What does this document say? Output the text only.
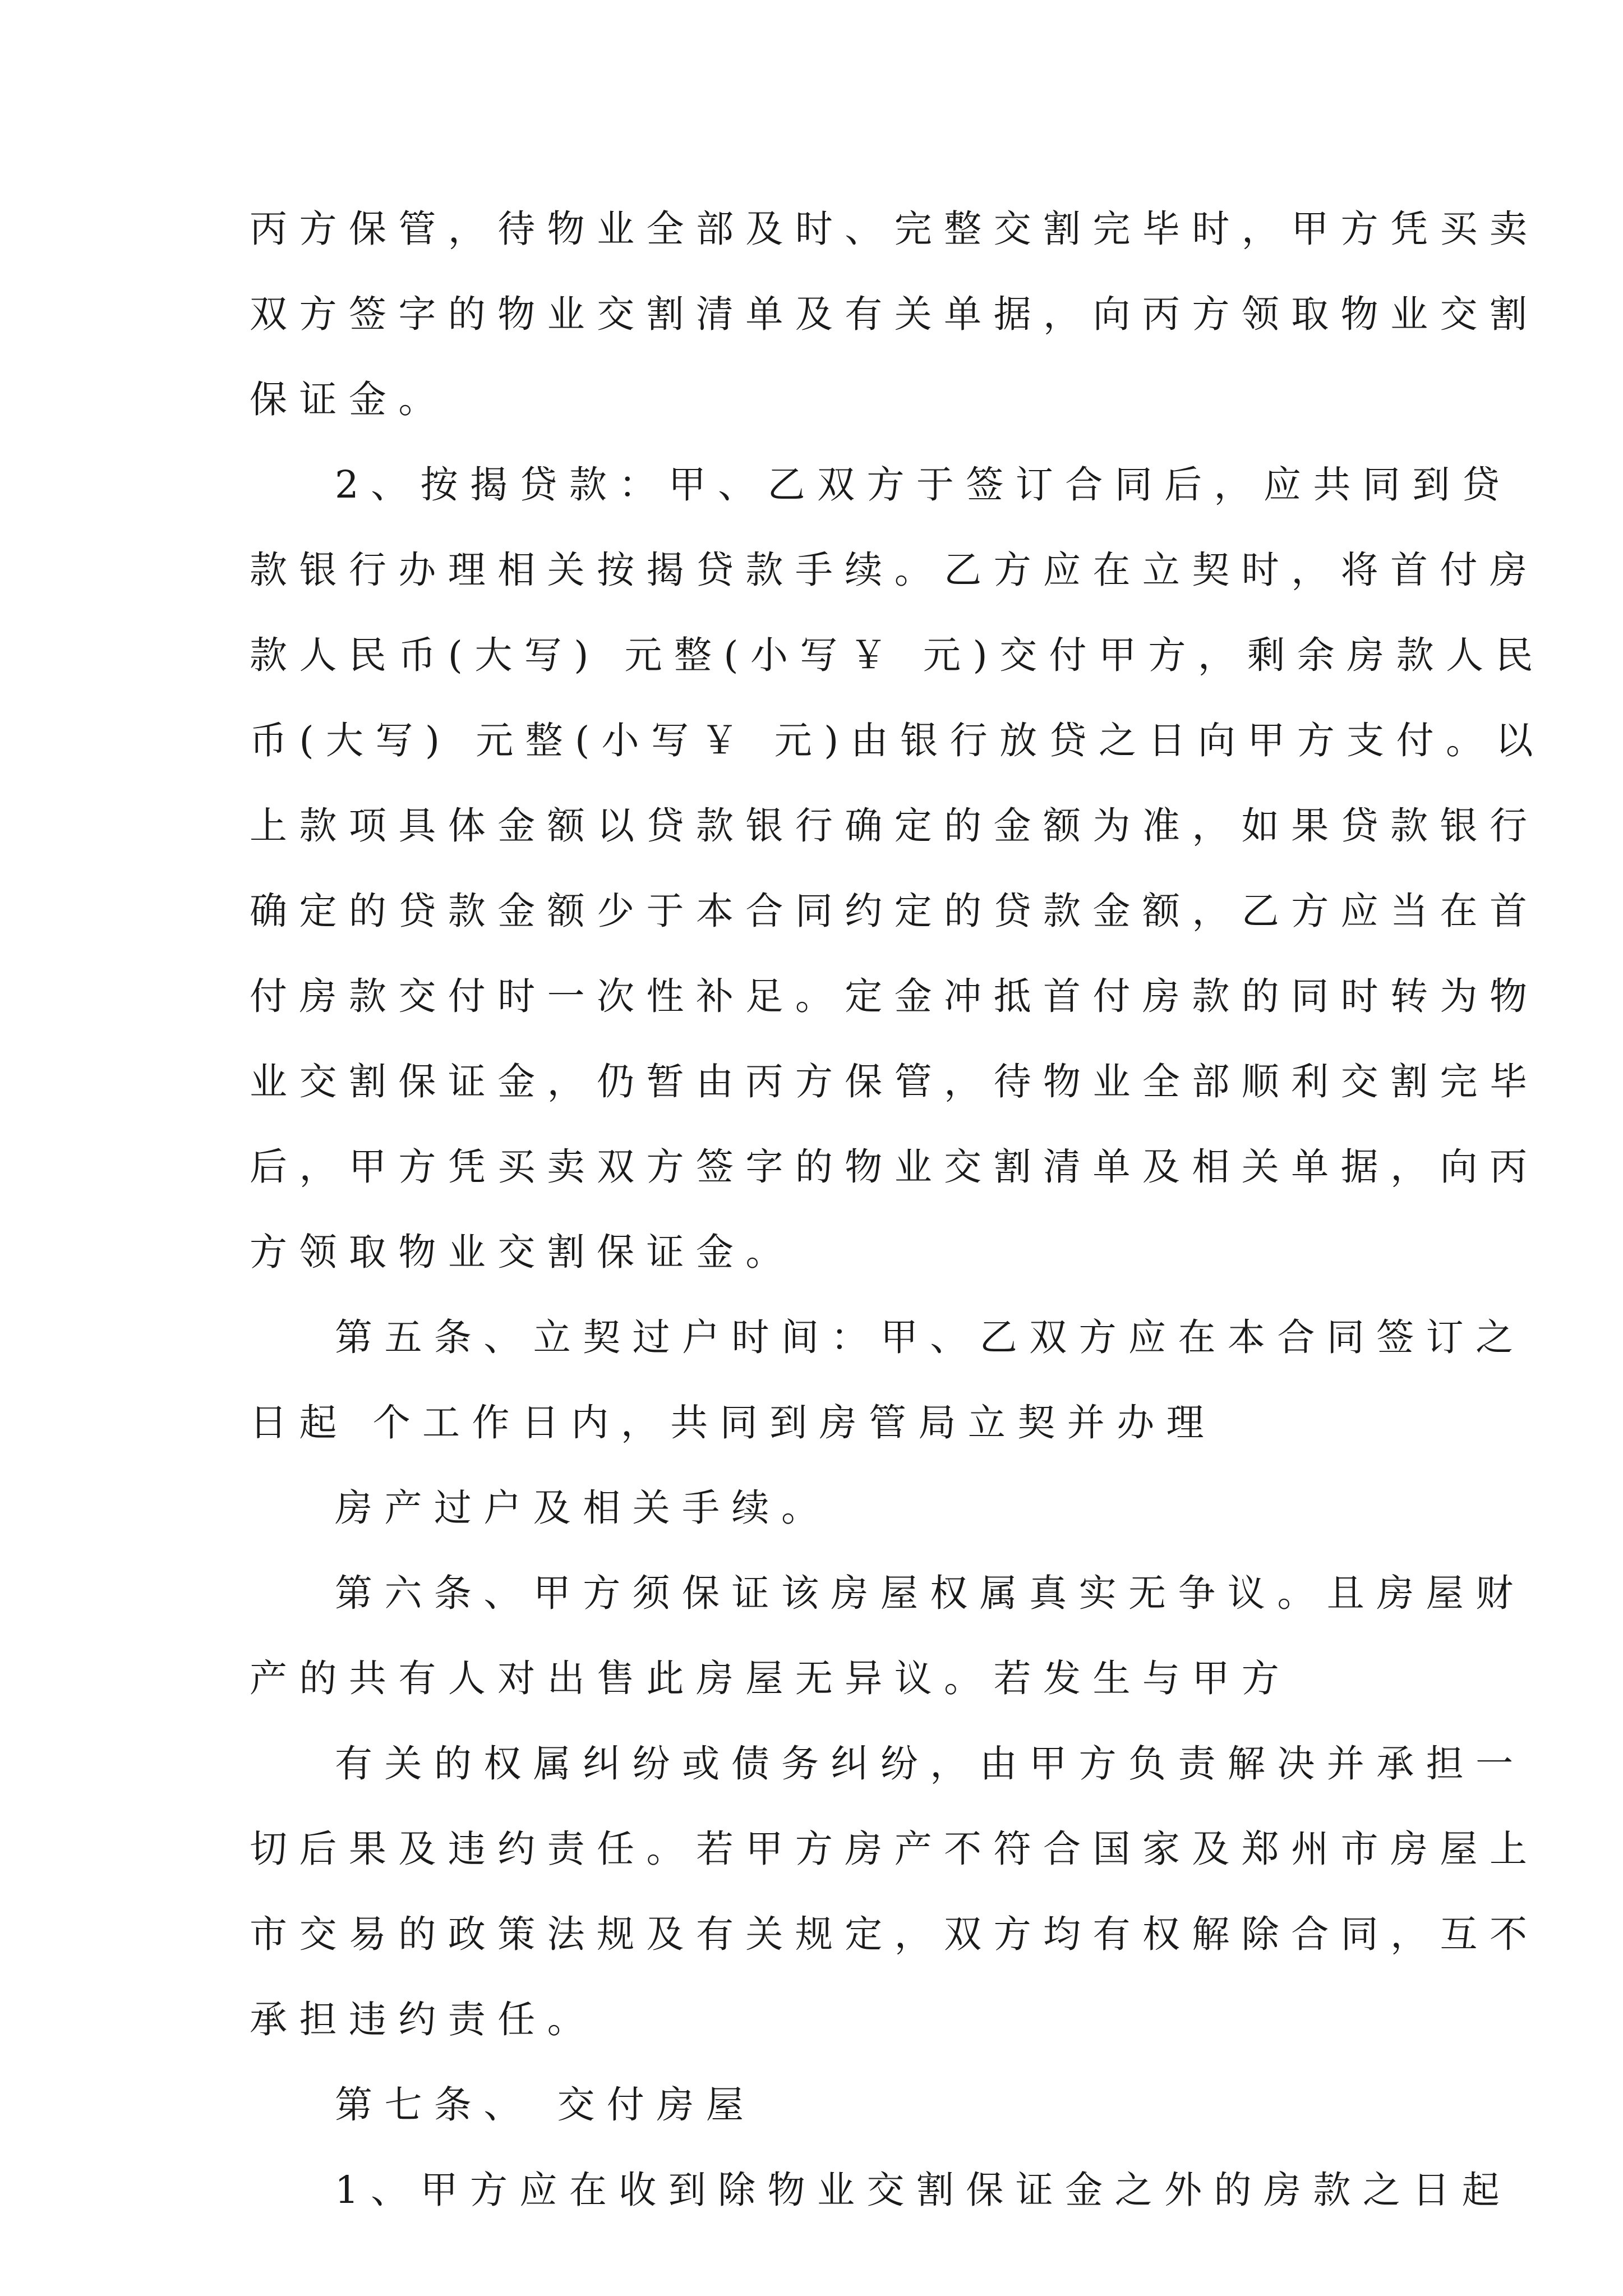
丙方保管，待物业全部及时、完整交割完毕时，甲方凭买卖
双方签字的物业交割清单及有关单据，向丙方领取物业交割
保证金。
2、按揭贷款：甲、乙双方于签订合同后，应共同到贷
款银行办理相关按揭贷款手续。乙方应在立契时，将首付房
款人民币(大写) 元整(小写￥ 元)交付甲方，剩余房款人民
币(大写) 元整(小写￥ 元)由银行放贷之日向甲方支付。以
上款项具体金额以贷款银行确定的金额为准，如果贷款银行
确定的贷款金额少于本合同约定的贷款金额，乙方应当在首
付房款交付时一次性补足。定金冲抵首付房款的同时转为物
业交割保证金，仍暂由丙方保管，待物业全部顺利交割完毕
后，甲方凭买卖双方签字的物业交割清单及相关单据，向丙
方领取物业交割保证金。
第五条、立契过户时间：甲、乙双方应在本合同签订之
日起 个工作日内，共同到房管局立契并办理
房产过户及相关手续。
第六条、甲方须保证该房屋权属真实无争议。且房屋财
产的共有人对出售此房屋无异议。若发生与甲方
有关的权属纠纷或债务纠纷，由甲方负责解决并承担一
切后果及违约责任。若甲方房产不符合国家及郑州市房屋上
市交易的政策法规及有关规定，双方均有权解除合同，互不
承担违约责任。
第七条、 交付房屋
1、甲方应在收到除物业交割保证金之外的房款之日起
